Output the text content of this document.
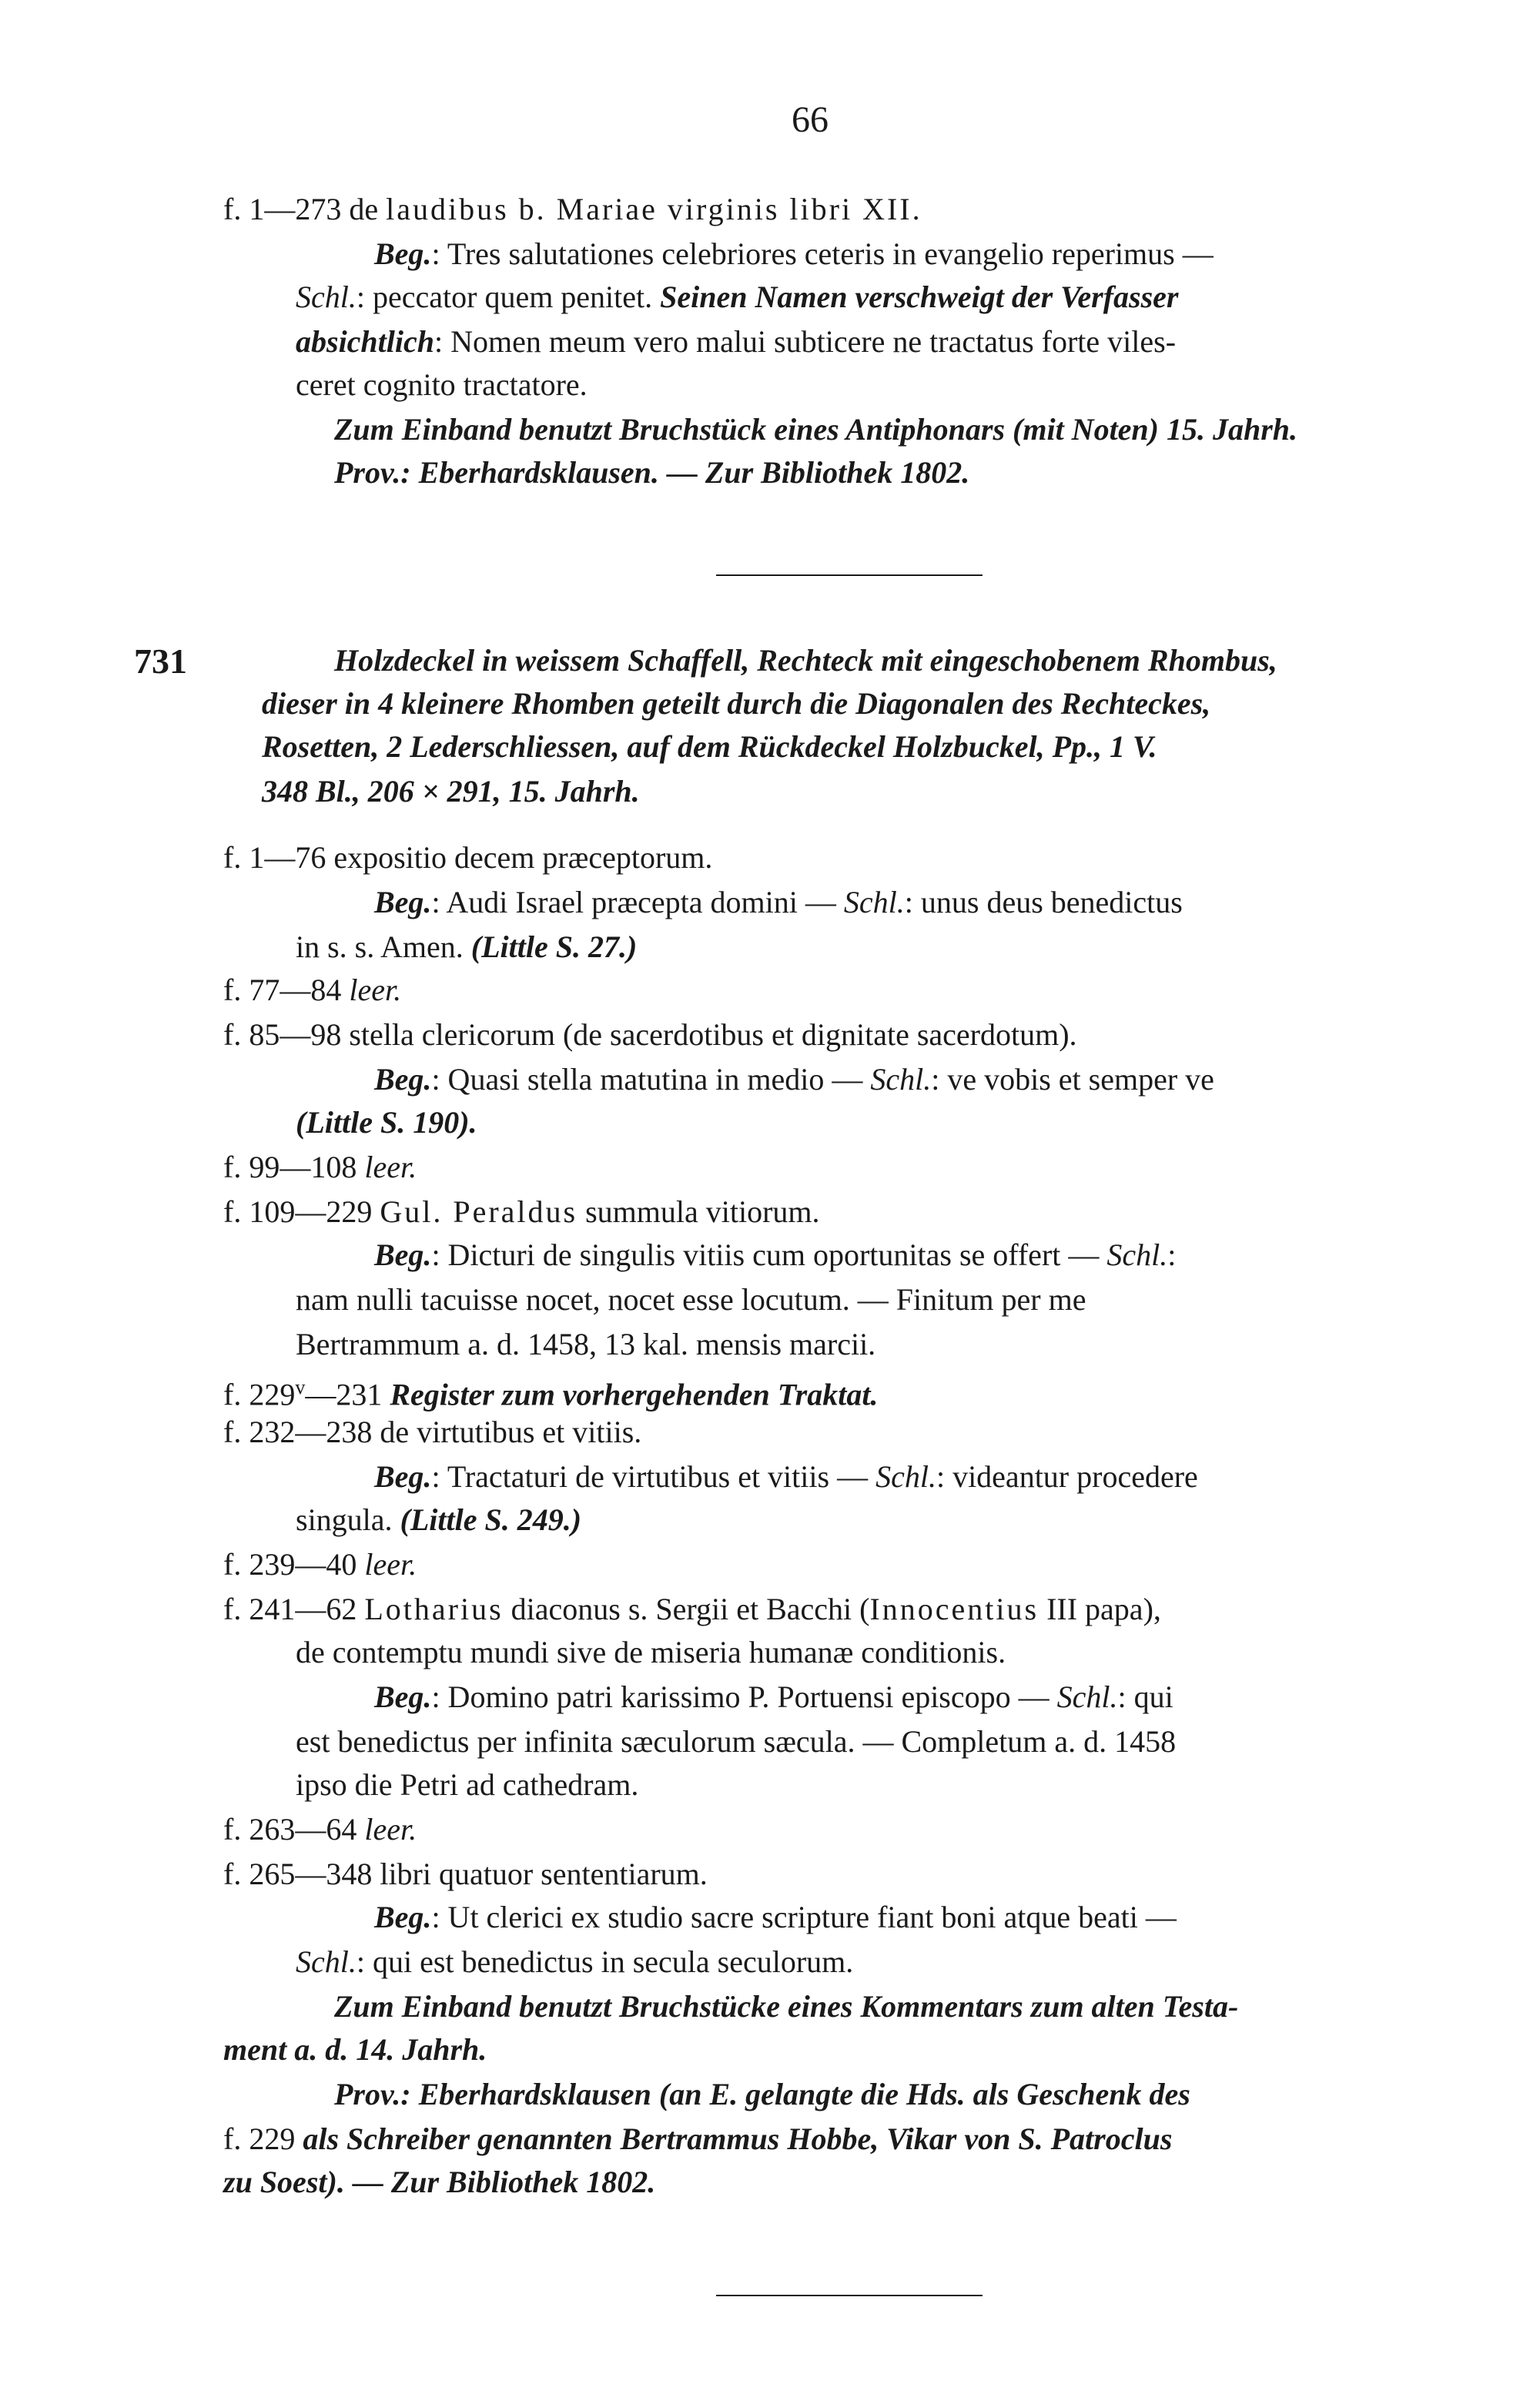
66
f. 1—273 de laudibus b. Mariae virginis libri XII.
Beg.: Tres salutationes celebriores ceteris in evangelio reperimus —
Schl.: peccator quem penitet. Seinen Namen verschweigt der Verfasser
absichtlich: Nomen meum vero malui subticere ne tractatus forte viles-
ceret cognito tractatore.
Zum Einband benutzt Bruchstück eines Antiphonars (mit Noten) 15. Jahrh.
Prov.: Eberhardsklausen. — Zur Bibliothek 1802.
731	Holzdeckel in weissem Schaffell, Rechteck mit eingeschobenem Rhombus,
dieser in 4 kleinere Rhomben geteilt durch die Diagonalen des Rechteckes,
Rosetten, 2 Lederschliessen, auf dem Rückdeckel Holzbuckel, Pp., 1 V.
348 Bl., 206 × 291, 15. Jahrh.
f. 1—76 expositio decem præceptorum.
Beg.: Audi Israel præcepta domini — Schl.: unus deus benedictus
in s. s. Amen. (Little S. 27.)
f. 77—84 leer.
f. 85—98 stella clericorum (de sacerdotibus et dignitate sacerdotum).
Beg.: Quasi stella matutina in medio — Schl.: ve vobis et semper ve
(Little S. 190).
f. 99—108 leer.
f. 109—229 Gul. Peraldus summula vitiorum.
Beg.: Dicturi de singulis vitiis cum oportunitas se offert — Schl.:
nam nulli tacuisse nocet, nocet esse locutum. — Finitum per me
Bertrammum a. d. 1458, 13 kal. mensis marcii.
f. 229$^v$—231 Register zum vorhergehenden Traktat.
f. 232—238 de virtutibus et vitiis.
Beg.: Tractaturi de virtutibus et vitiis — Schl.: videantur procedere
singula. (Little S. 249.)
f. 239—40 leer.
f. 241—62 Lotharius diaconus s. Sergii et Bacchi (Innocentius III papa),
de contemptu mundi sive de miseria humanæ conditionis.
Beg.: Domino patri karissimo P. Portuensi episcopo — Schl.: qui
est benedictus per infinita sæculorum sæcula. — Completum a. d. 1458
ipso die Petri ad cathedram.
f. 263—64 leer.
f. 265—348 libri quatuor sententiarum.
Beg.: Ut clerici ex studio sacre scripture fiant boni atque beati —
Schl.: qui est benedictus in secula seculorum.
Zum Einband benutzt Bruchstücke eines Kommentars zum alten Testa-
ment a. d. 14. Jahrh.
Prov.: Eberhardsklausen (an E. gelangte die Hds. als Geschenk des
f. 229 als Schreiber genannten Bertrammus Hobbe, Vikar von S. Patroclus
zu Soest). — Zur Bibliothek 1802.
